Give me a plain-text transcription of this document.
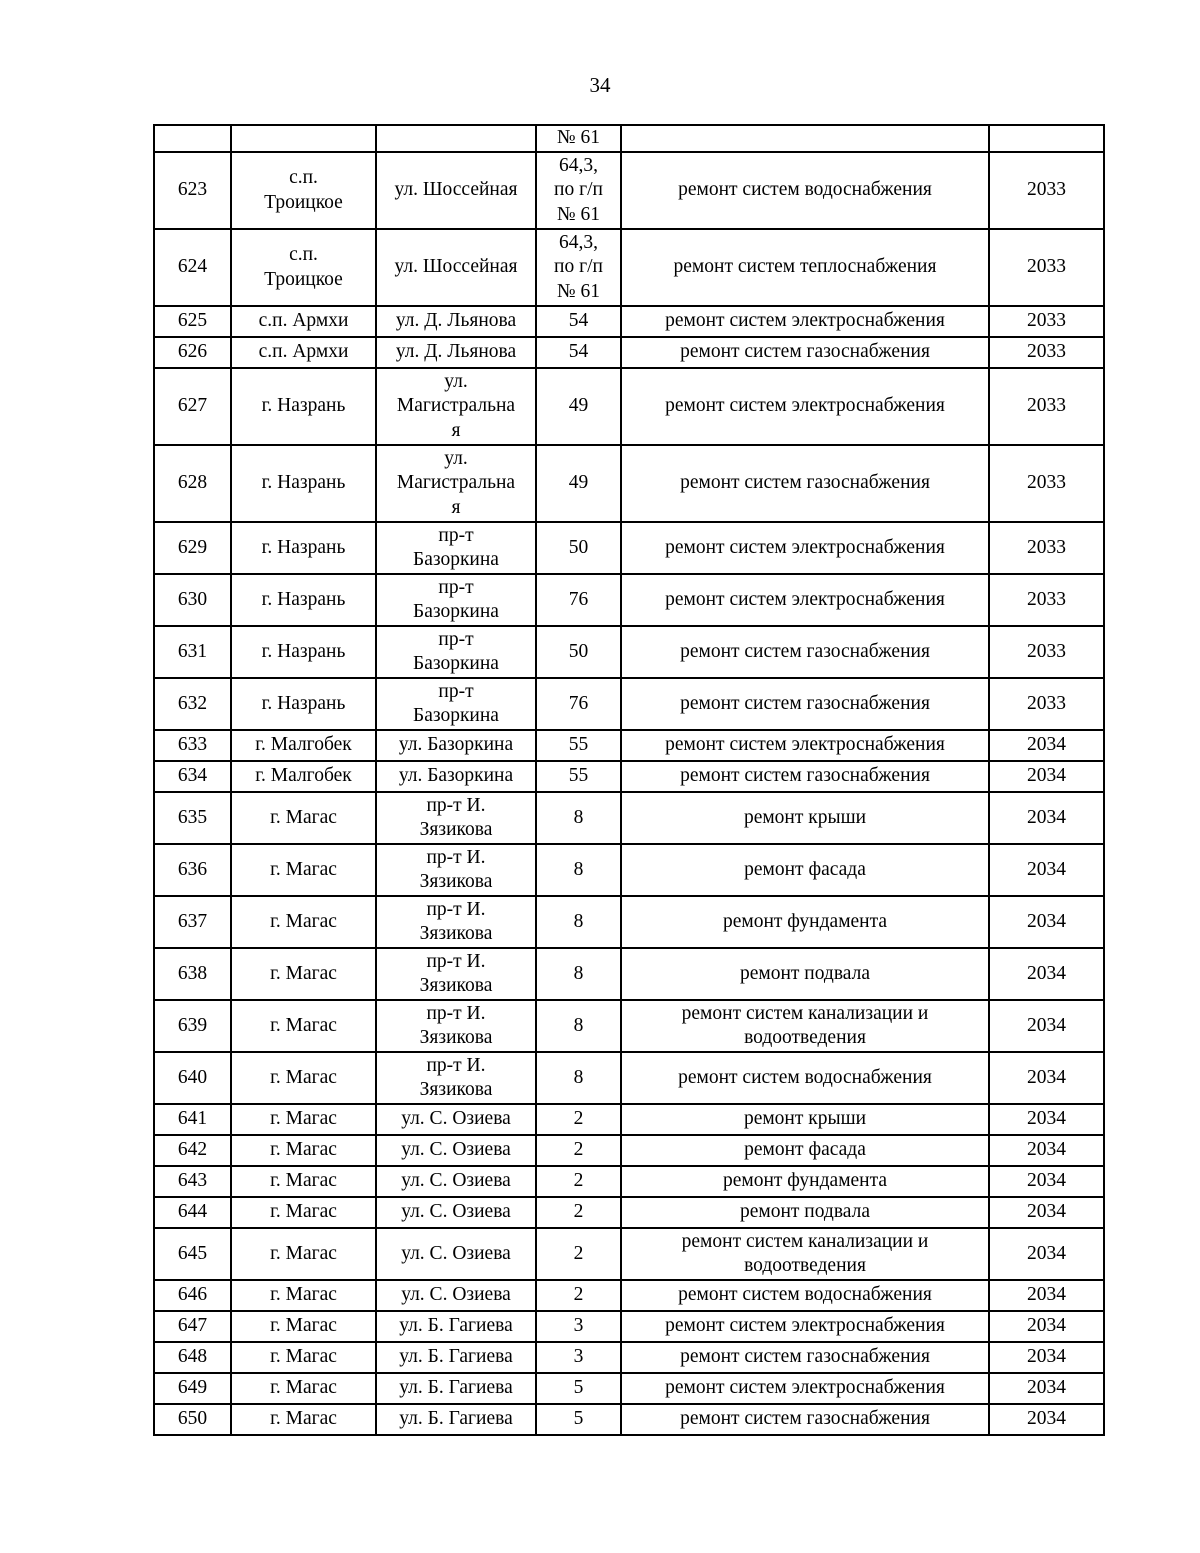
34

			№ 61		

623	с.п.
Троицкое	ул. Шоссейная	64,3,
по г/п
№ 61	ремонт систем водоснабжения	2033

624	с.п.
Троицкое	ул. Шоссейная	64,3,
по г/п
№ 61	ремонт систем теплоснабжения	2033

625	с.п. Армхи	ул. Д. Льянова	54	ремонт систем электроснабжения	2033

626	с.п. Армхи	ул. Д. Льянова	54	ремонт систем газоснабжения	2033

627	г. Назрань	ул.
Магистральна
я	49	ремонт систем электроснабжения	2033

628	г. Назрань	ул.
Магистральна
я	49	ремонт систем газоснабжения	2033

629	г. Назрань	пр-т
Базоркина	50	ремонт систем электроснабжения	2033

630	г. Назрань	пр-т
Базоркина	76	ремонт систем электроснабжения	2033

631	г. Назрань	пр-т
Базоркина	50	ремонт систем газоснабжения	2033

632	г. Назрань	пр-т
Базоркина	76	ремонт систем газоснабжения	2033

633	г. Малгобек	ул. Базоркина	55	ремонт систем электроснабжения	2034

634	г. Малгобек	ул. Базоркина	55	ремонт систем газоснабжения	2034

635	г. Магас	пр-т И.
Зязикова	8	ремонт крыши	2034

636	г. Магас	пр-т И.
Зязикова	8	ремонт фасада	2034

637	г. Магас	пр-т И.
Зязикова	8	ремонт фундамента	2034

638	г. Магас	пр-т И.
Зязикова	8	ремонт подвала	2034

639	г. Магас	пр-т И.
Зязикова	8	ремонт систем канализации и
водоотведения	2034

640	г. Магас	пр-т И.
Зязикова	8	ремонт систем водоснабжения	2034

641	г. Магас	ул. С. Озиева	2	ремонт крыши	2034

642	г. Магас	ул. С. Озиева	2	ремонт фасада	2034

643	г. Магас	ул. С. Озиева	2	ремонт фундамента	2034

644	г. Магас	ул. С. Озиева	2	ремонт подвала	2034

645	г. Магас	ул. С. Озиева	2	ремонт систем канализации и
водоотведения	2034

646	г. Магас	ул. С. Озиева	2	ремонт систем водоснабжения	2034

647	г. Магас	ул. Б. Гагиева	3	ремонт систем электроснабжения	2034

648	г. Магас	ул. Б. Гагиева	3	ремонт систем газоснабжения	2034

649	г. Магас	ул. Б. Гагиева	5	ремонт систем электроснабжения	2034

650	г. Магас	ул. Б. Гагиева	5	ремонт систем газоснабжения	2034
